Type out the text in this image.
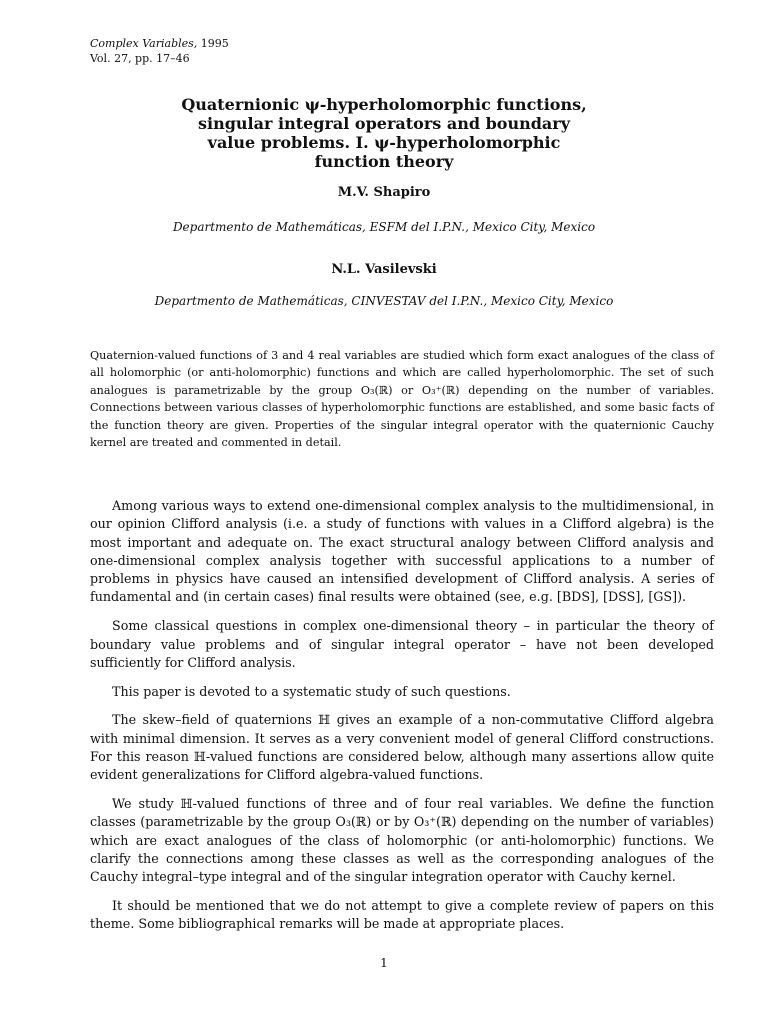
Complex Variables, 1995
Vol. 27, pp. 17–46
Quaternionic ψ-hyperholomorphic functions,
singular integral operators and boundary
value problems. I. ψ-hyperholomorphic
function theory
M.V. Shapiro
Departmento de Mathemáticas, ESFM del I.P.N., Mexico City, Mexico
N.L. Vasilevski
Departmento de Mathemáticas, CINVESTAV del I.P.N., Mexico City, Mexico
Quaternion-valued functions of 3 and 4 real variables are studied which form exact analogues of the class of all holomorphic (or anti-holomorphic) functions and which are called hyperholomorphic. The set of such analogues is parametrizable by the group O₃(ℝ) or O₃⁺(ℝ) depending on the number of variables. Connections between various classes of hyperholomorphic functions are established, and some basic facts of the function theory are given. Properties of the singular integral operator with the quaternionic Cauchy kernel are treated and commented in detail.

Among various ways to extend one-dimensional complex analysis to the multidimensional, in our opinion Clifford analysis (i.e. a study of functions with values in a Clifford algebra) is the most important and adequate on. The exact structural analogy between Clifford analysis and one-dimensional complex analysis together with successful applications to a number of problems in physics have caused an intensified development of Clifford analysis. A series of fundamental and (in certain cases) final results were obtained (see, e.g. [BDS], [DSS], [GS]).

Some classical questions in complex one-dimensional theory – in particular the theory of boundary value problems and of singular integral operator – have not been developed sufficiently for Clifford analysis.

This paper is devoted to a systematic study of such questions.

The skew–field of quaternions ℍ gives an example of a non-commutative Clifford algebra with minimal dimension. It serves as a very convenient model of general Clifford constructions. For this reason ℍ-valued functions are considered below, although many assertions allow quite evident generalizations for Clifford algebra-valued functions.

We study ℍ-valued functions of three and of four real variables. We define the function classes (parametrizable by the group O₃(ℝ) or by O₃⁺(ℝ) depending on the number of variables) which are exact analogues of the class of holomorphic (or anti-holomorphic) functions. We clarify the connections among these classes as well as the corresponding analogues of the Cauchy integral–type integral and of the singular integration operator with Cauchy kernel.

It should be mentioned that we do not attempt to give a complete review of papers on this theme. Some bibliographical remarks will be made at appropriate places.

1
